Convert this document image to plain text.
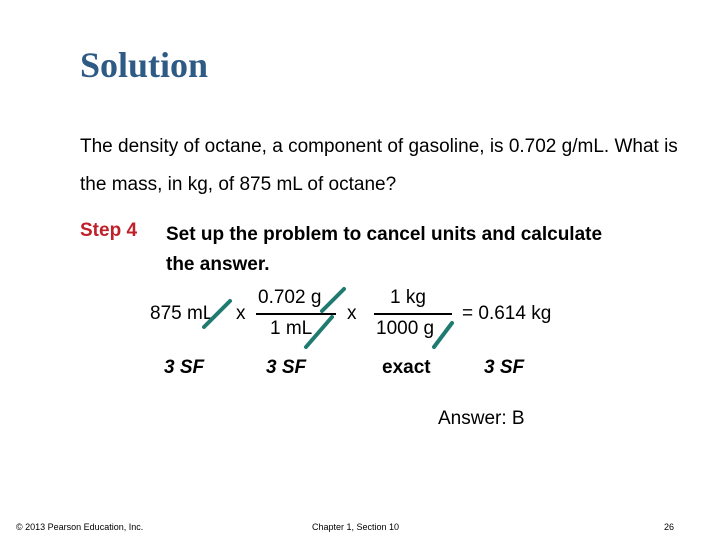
Solution
The density of octane, a component of gasoline, is 0.702 g/mL. What is the mass, in kg, of 875 mL of octane?
Step 4 Set up the problem to cancel units and calculate the answer.
875 mL x
0.702 g
1 mL
x
1 kg
1000 g
= 0.614 kg
3 SF	3 SF	exact	3 SF
Answer: B
© 2013 Pearson Education, Inc.	Chapter 1, Section 10	26
